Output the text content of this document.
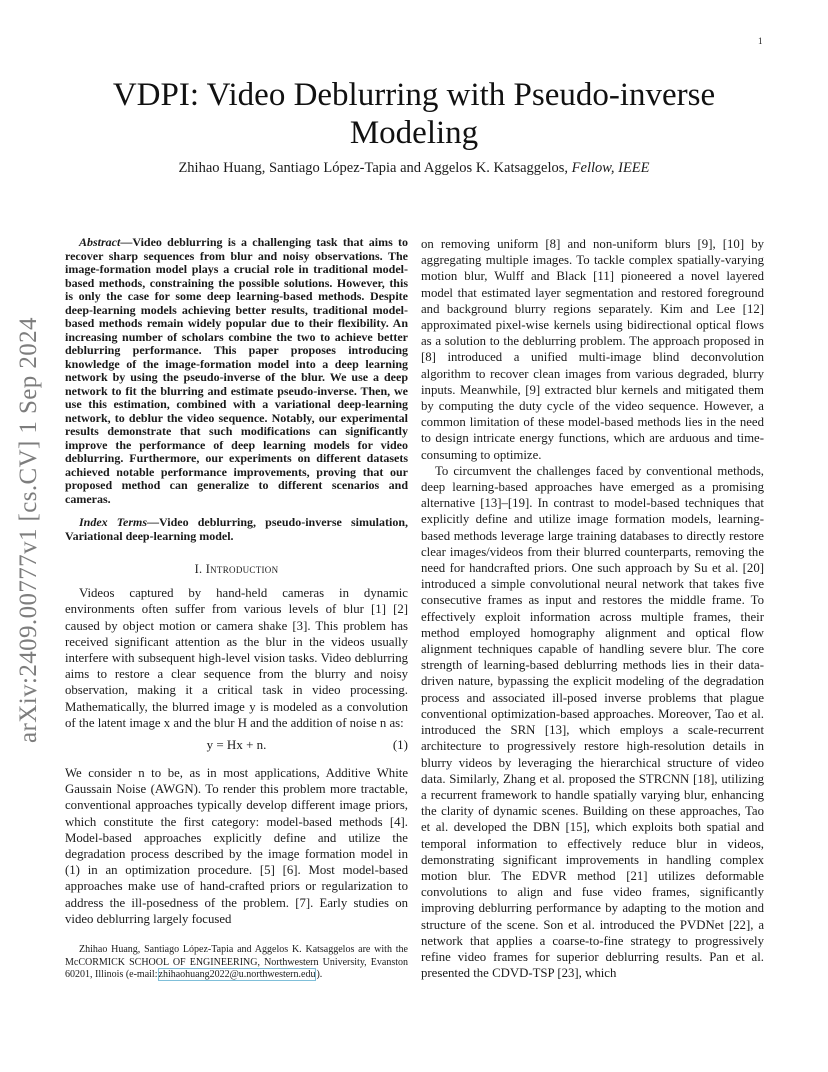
1
arXiv:2409.00777v1 [cs.CV] 1 Sep 2024
VDPI: Video Deblurring with Pseudo-inverse Modeling
Zhihao Huang, Santiago López-Tapia and Aggelos K. Katsaggelos, Fellow, IEEE

Abstract—Video deblurring is a challenging task that aims to recover sharp sequences from blur and noisy observations. The image-formation model plays a crucial role in traditional model-based methods, constraining the possible solutions. However, this is only the case for some deep learning-based methods. Despite deep-learning models achieving better results, traditional model-based methods remain widely popular due to their flexibility. An increasing number of scholars combine the two to achieve better deblurring performance. This paper proposes introducing knowledge of the image-formation model into a deep learning network by using the pseudo-inverse of the blur. We use a deep network to fit the blurring and estimate pseudo-inverse. Then, we use this estimation, combined with a variational deep-learning network, to deblur the video sequence. Notably, our experimental results demonstrate that such modifications can significantly improve the performance of deep learning models for video deblurring. Furthermore, our experiments on different datasets achieved notable performance improvements, proving that our proposed method can generalize to different scenarios and cameras.

Index Terms—Video deblurring, pseudo-inverse simulation, Variational deep-learning model.

I. Introduction

Videos captured by hand-held cameras in dynamic environments often suffer from various levels of blur [1] [2] caused by object motion or camera shake [3]. This problem has received significant attention as the blur in the videos usually interfere with subsequent high-level vision tasks. Video deblurring aims to restore a clear sequence from the blurry and noisy observation, making it a critical task in video processing. Mathematically, the blurred image y is modeled as a convolution of the latent image x and the blur H and the addition of noise n as:

y = Hx + n.	(1)

We consider n to be, as in most applications, Additive White Gaussain Noise (AWGN). To render this problem more tractable, conventional approaches typically develop different image priors, which constitute the first category: model-based methods [4]. Model-based approaches explicitly define and utilize the degradation process described by the image formation model in (1) in an optimization procedure. [5] [6]. Most model-based approaches make use of hand-crafted priors or regularization to address the ill-posedness of the problem. [7]. Early studies on video deblurring largely focused

Zhihao Huang, Santiago López-Tapia and Aggelos K. Katsaggelos are with the McCORMICK SCHOOL OF ENGINEERING, Northwestern University, Evanston 60201, Illinois (e-mail:zhihaohuang2022@u.northwestern.edu).

on removing uniform [8] and non-uniform blurs [9], [10] by aggregating multiple images. To tackle complex spatially-varying motion blur, Wulff and Black [11] pioneered a novel layered model that estimated layer segmentation and restored foreground and background blurry regions separately. Kim and Lee [12] approximated pixel-wise kernels using bidirectional optical flows as a solution to the deblurring problem. The approach proposed in [8] introduced a unified multi-image blind deconvolution algorithm to recover clean images from various degraded, blurry inputs. Meanwhile, [9] extracted blur kernels and mitigated them by computing the duty cycle of the video sequence. However, a common limitation of these model-based methods lies in the need to design intricate energy functions, which are arduous and time-consuming to optimize.

To circumvent the challenges faced by conventional methods, deep learning-based approaches have emerged as a promising alternative [13]–[19]. In contrast to model-based techniques that explicitly define and utilize image formation models, learning-based methods leverage large training databases to directly restore clear images/videos from their blurred counterparts, removing the need for handcrafted priors. One such approach by Su et al. [20] introduced a simple convolutional neural network that takes five consecutive frames as input and restores the middle frame. To effectively exploit information across multiple frames, their method employed homography alignment and optical flow alignment techniques capable of handling severe blur. The core strength of learning-based deblurring methods lies in their data-driven nature, bypassing the explicit modeling of the degradation process and associated ill-posed inverse problems that plague conventional optimization-based approaches. Moreover, Tao et al. introduced the SRN [13], which employs a scale-recurrent architecture to progressively restore high-resolution details in blurry videos by leveraging the hierarchical structure of video data. Similarly, Zhang et al. proposed the STRCNN [18], utilizing a recurrent framework to handle spatially varying blur, enhancing the clarity of dynamic scenes. Building on these approaches, Tao et al. developed the DBN [15], which exploits both spatial and temporal information to effectively reduce blur in videos, demonstrating significant improvements in handling complex motion blur. The EDVR method [21] utilizes deformable convolutions to align and fuse video frames, significantly improving deblurring performance by adapting to the motion and structure of the scene. Son et al. introduced the PVDNet [22], a network that applies a coarse-to-fine strategy to progressively refine video frames for superior deblurring results. Pan et al. presented the CDVD-TSP [23], which
